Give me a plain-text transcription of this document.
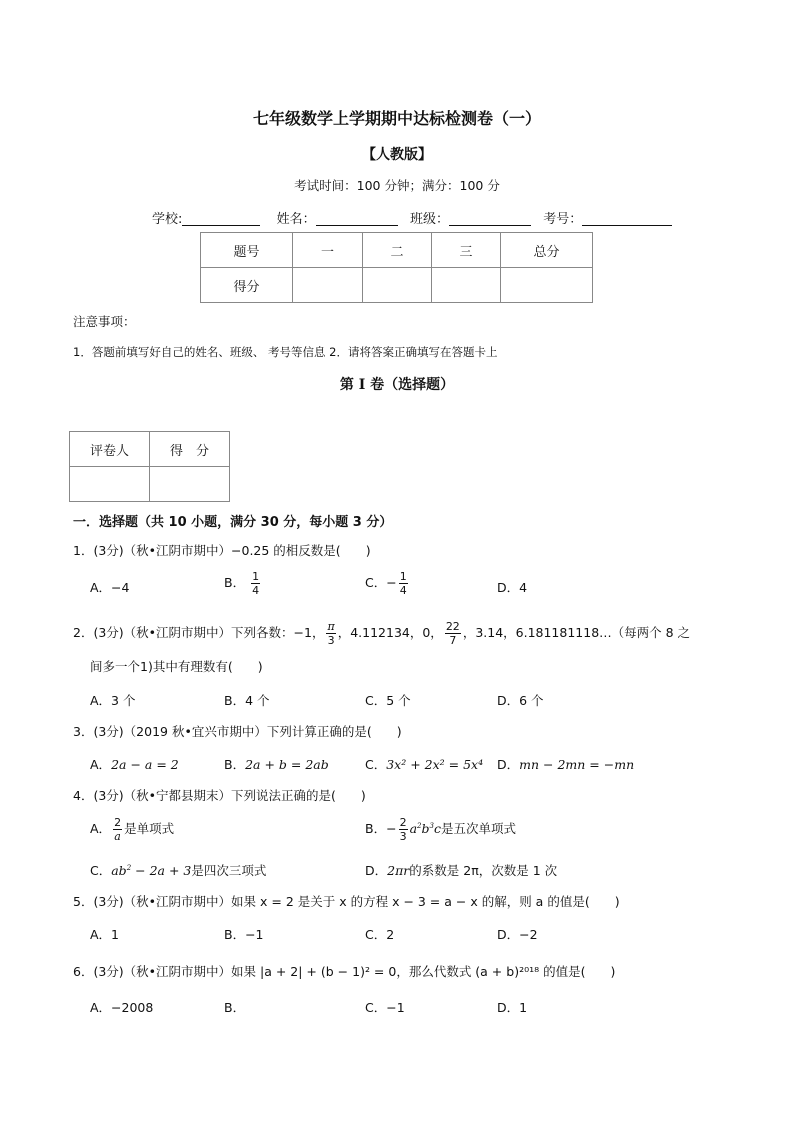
七年级数学上学期期中达标检测卷（一）
【人教版】
考试时间：100 分钟；满分：100 分
学校:	姓名：	班级：	考号：
题号	一	二	三	总分
得分				
注意事项：
1．答题前填写好自己的姓名、班级、 考号等信息 2．请将答案正确填写在答题卡上
第 I 卷（选择题）
评卷人	得　分

一．选择题（共 10 小题，满分 30 分，每小题 3 分）
1．(3分)（秋•江阴市期中）−0.25 的相反数是(　　)
A．−4	B． $\frac{1}{4}$	C．− $\frac{1}{4}$	D．4
2．(3分)（秋•江阴市期中）下列各数：−1， $\frac{\pi}{3}$ ，4.112134，0， $\frac{22}{7}$ ，3.14，6.181181118…（每两个 8 之
间多一个1)其中有理数有(　　)
A．3 个	B．4 个	C．5 个	D．6 个
3．(3分)（2019 秋•宜兴市期中）下列计算正确的是(　　)
A．2a − a = 2	B．2a + b = 2ab	C．3x² + 2x² = 5x⁴ D．mn − 2mn = −mn
4．(3分)（秋•宁都县期末）下列说法正确的是(　　)
A． $\frac{2}{a}$ 是单项式	B．− $\frac{2}{3} a^2b^3c$是五次单项式
C．$ab^2 - 2a + 3$是四次三项式	D．2πr的系数是 2π，次数是 1 次
5．(3分)（秋•江阴市期中）如果 x = 2 是关于 x 的方程 x − 3 = a − x 的解，则 a 的值是(　　)
A．1	B．−1	C．2	D．−2
6．(3分)（秋•江阴市期中）如果 |a + 2| + (b − 1)² = 0，那么代数式 (a + b)²⁰¹⁸ 的值是(　　)
A．−2008	B．	C．−1	D．1
